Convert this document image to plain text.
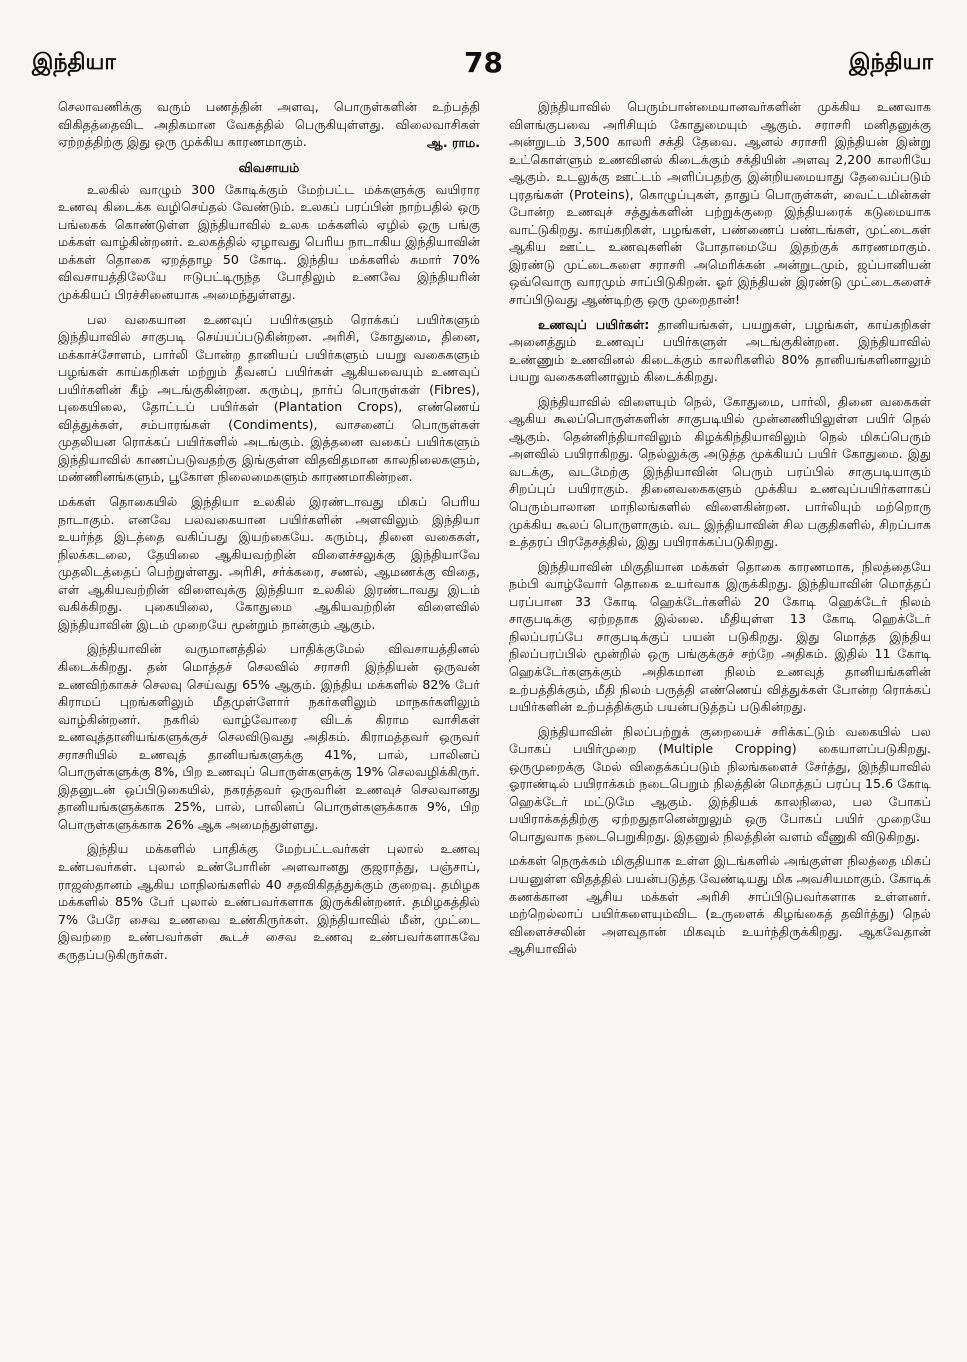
இந்தியா	78	இந்தியா

செலாவணிக்கு வரும் பணத்தின் அளவு, பொருள்களின் உற்பத்தி விகிதத்தைவிட அதிகமான வேகத்தில் பெருகியுள்ளது. விலைவாசிகள் ஏற்றத்திற்கு இது ஒரு முக்கிய காரணமாகும்.	ஆ. ராம.

விவசாயம்

உலகில் வாழும் 300 கோடிக்கும் மேற்பட்ட மக்களுக்கு வயிரார உணவு கிடைக்க வழிசெய்தல் வேண்டும். உலகப் பரப்பின் நாற்பதில் ஒரு பங்கைக் கொண்டுள்ள இந்தியாவில் உலக மக்களில் ஏழில் ஒரு பங்கு மக்கள் வாழ்கின்றனர். உலகத்தில் ஏழாவது பெரிய நாடாகிய இந்தியாவின் மக்கள் தொகை ஏறத்தாழ 50 கோடி. இந்திய மக்களில் சுமார் 70% விவசாயத்திலேயே ஈடுபட்டிருந்த போதிலும் உணவே இந்தியரின் முக்கியப் பிரச்சினையாக அமைந்துள்ளது.

பல வகையான உணவுப் பயிர்களும் ரொக்கப் பயிர்களும் இந்தியாவில் சாகுபடி செய்யப்படுகின்றன. அரிசி, கோதுமை, தினை, மக்காச்சோளம், பார்லி போன்ற தானியப் பயிர்களும் பயறு வகைகளும் பழங்கள் காய்கறிகள் மற்றும் தீவனப் பயிர்கள் ஆகியவையும் உணவுப் பயிர்களின் கீழ் அடங்குகின்றன. கரும்பு, நார்ப் பொருள்கள் (Fibres), புகையிலை, தோட்டப் பயிர்கள் (Plantation Crops), எண்ணெய் வித்துக்கள், சம்பாரங்கள் (Condiments), வாசனைப் பொருள்கள் முதலியன ரொக்கப் பயிர்களில் அடங்கும். இத்தனை வகைப் பயிர்களும் இந்தியாவில் காணப்படுவதற்கு இங்குள்ள விதவிதமான காலநிலைகளும், மண்ணினங்களும், பூகோள நிலைமைகளும் காரணமாகின்றன.

மக்கள் தொகையில் இந்தியா உலகில் இரண்டாவது மிகப் பெரிய நாடாகும். எனவே பலவகையான பயிர்களின் அளவிலும் இந்தியா உயர்ந்த இடத்தை வகிப்பது இயற்கையே. கரும்பு, தினை வகைகள், நிலக்கடலை, தேயிலை ஆகியவற்றின் விளைச்சலுக்கு இந்தியாவே முதலிடத்தைப் பெற்றுள்ளது. அரிசி, சர்க்கரை, சணல், ஆமணக்கு விதை, எள் ஆகியவற்றின் விளைவுக்கு இந்தியா உலகில் இரண்டாவது இடம் வகிக்கிறது. புகையிலை, கோதுமை ஆகியவற்றின் விளைவில் இந்தியாவின் இடம் முறையே மூன்றும் நான்கும் ஆகும்.

இந்தியாவின் வருமானத்தில் பாதிக்குமேல் விவசாயத்தினல் கிடைக்கிறது. தன் மொத்தச் செலவில் சராசரி இந்தியன் ஒருவன் உணவிற்காகச் செலவு செய்வது 65% ஆகும். இந்திய மக்களில் 82% பேர் கிராமப் புறங்களிலும் மீதமுள்ளோர் நகர்களிலும் மாநகர்களிலும் வாழ்கின்றனர். நகரில் வாழ்வோரை விடக் கிராம வாசிகள் உணவுத்தானியங்களுக்குச் செலவிடுவது அதிகம். கிராமத்தவர் ஒருவர் சராசரியில் உணவுத் தானியங்களுக்கு 41%, பால், பாலினப் பொருள்களுக்கு 8%, பிற உணவுப் பொருள்களுக்கு 19% செலவழிக்கிருர். இதனுடன் ஒப்பிடுகையில், நகரத்தவர் ஒருவரின் உணவுச் செலவானது தானியங்களுக்காக 25%, பால், பாலினப் பொருள்களுக்காக 9%, பிற பொருள்களுக்காக 26% ஆக அமைந்துள்ளது.

இந்திய மக்களில் பாதிக்கு மேற்பட்டவர்கள் புலால் உணவு உண்பவர்கள். புலால் உண்போரின் அளவானது குஜராத்து, பஞ்சாப், ராஜஸ்தானம் ஆகிய மாநிலங்களில் 40 சதவிகிதத்துக்கும் குறைவு. தமிழக மக்களில் 85% பேர் புலால் உண்பவர்களாக இருக்கின்றனர். தமிழகத்தில் 7% பேரே சைவ உணவை உண்கிருர்கள். இந்தியாவில் மீன், முட்டை இவற்றை உண்பவர்கள் கூடச் சைவ உணவு உண்பவர்களாகவே கருதப்படுகிருர்கள்.

இந்தியாவில் பெரும்பான்மையானவர்களின் முக்கிய உணவாக விளங்குபவை அரிசியும் கோதுமையும் ஆகும். சராசரி மனிதனுக்கு அன்றுடம் 3,500 காலரி சக்தி தேவை. ஆனல் சராசரி இந்தியன் இன்று உட்கொள்ளும் உணவினல் கிடைக்கும் சக்தியின் அளவு 2,200 காலரியே ஆகும். உடலுக்கு ஊட்டம் அளிப்பதற்கு இன்றியமையாது தேவைப்படும் புரதங்கள் (Proteins), கொழுப்புகள், தாதுப் பொருள்கள், வைட்டமின்கள் போன்ற உணவுச் சத்துக்களின் பற்றுக்குறை இந்தியரைக் கடுமையாக வாட்டுகிறது. காய்கறிகள், பழங்கள், பண்ணைப் பண்டங்கள், முட்டைகள் ஆகிய ஊட்ட உணவுகளின் போதாமையே இதற்குக் காரணமாகும். இரண்டு முட்டைகளை சராசரி அமெரிக்கன் அன்றுடமும், ஜப்பானியன் ஒவ்வொரு வாரமும் சாப்பிடுகிறன். ஓர் இந்தியன் இரண்டு முட்டைகளைச் சாப்பிடுவது ஆண்டிற்கு ஒரு முறைதான்!

உணவுப் பயிர்கள்: தானியங்கள், பயறுகள், பழங்கள், காய்கறிகள் அனைத்தும் உணவுப் பயிர்களுள் அடங்குகின்றன. இந்தியாவில் உண்ணும் உணவினல் கிடைக்கும் காலரிகளில் 80% தானியங்களினாலும் பயறு வகைகளினாலும் கிடைக்கிறது.

இந்தியாவில் விளையும் நெல், கோதுமை, பார்லி, தினை வகைகள் ஆகிய கூலப்பொருள்களின் சாகுபடியில் முன்னணியிலுள்ள பயிர் நெல் ஆகும். தென்னிந்தியாவிலும் கிழக்கிந்தியாவிலும் நெல் மிகப்பெரும் அளவில் பயிராகிறது. நெல்லுக்கு அடுத்த முக்கியப் பயிர் கோதுமை. இது வடக்கு, வடமேற்கு இந்தியாவின் பெரும் பரப்பில் சாகுபடியாகும் சிறப்புப் பயிராகும். தினைவகைகளும் முக்கிய உணவுப்பயிர்களாகப் பெரும்பாலான மாநிலங்களில் விளைகின்றன. பார்லியும் மற்றொரு முக்கிய கூலப் பொருளாகும். வட இந்தியாவின் சில பகுதிகளில், சிறப்பாக உத்தரப் பிரதேசத்தில், இது பயிராக்கப்படுகிறது.

இந்தியாவின் மிகுதியான மக்கள் தொகை காரணமாக, நிலத்தையே நம்பி வாழ்வோர் தொகை உயர்வாக இருக்கிறது. இந்தியாவின் மொத்தப் பரப்பான 33 கோடி ஹெக்டேர்களில் 20 கோடி ஹெக்டேர் நிலம் சாகுபடிக்கு ஏற்றதாக இல்லை. மீதியுள்ள 13 கோடி ஹெக்டேர் நிலப்பரப்பே சாகுபடிக்குப் பயன் படுகிறது. இது மொத்த இந்திய நிலப்பரப்பில் மூன்றில் ஒரு பங்குக்குச் சற்றே அதிகம். இதில் 11 கோடி ஹெக்டேர்களுக்கும் அதிகமான நிலம் உணவுத் தானியங்களின் உற்பத்திக்கும், மீதி நிலம் பருத்தி எண்ணெய் வித்துக்கள் போன்ற ரொக்கப் பயிர்களின் உற்பத்திக்கும் பயன்படுத்தப் படுகின்றது.

இந்தியாவின் நிலப்பற்றுக் குறையைச் சரிக்கட்டும் வகையில் பல போகப் பயிர்முறை (Multiple Cropping) கையாளப்படுகிறது. ஒருமுறைக்கு மேல் விதைக்கப்படும் நிலங்களைச் சேர்த்து, இந்தியாவில் ஓராண்டில் பயிராக்கம் நடைபெறும் நிலத்தின் மொத்தப் பரப்பு 15.6 கோடி ஹெக்டேர் மட்டுமே ஆகும். இந்தியக் காலநிலை, பல போகப் பயிராக்கத்திற்கு ஏற்றதுதானென்றுலும் ஒரு போகப் பயிர் முறையே பொதுவாக நடைபெறுகிறது. இதனுல் நிலத்தின் வளம் வீணுகி விடுகிறது.

மக்கள் நெருக்கம் மிகுதியாக உள்ள இடங்களில் அங்குள்ள நிலத்தை மிகப் பயனுள்ள விதத்தில் பயன்படுத்த வேண்டியது மிக அவசியமாகும். கோடிக் கணக்கான ஆசிய மக்கள் அரிசி சாப்பிடுபவர்களாக உள்ளனர். மற்றெல்லாப் பயிர்களையும்விட (உருளைக் கிழங்கைத் தவிர்த்து) நெல் விளைச்சலின் அளவுதான் மிகவும் உயர்ந்திருக்கிறது. ஆகவேதான் ஆசியாவில்
